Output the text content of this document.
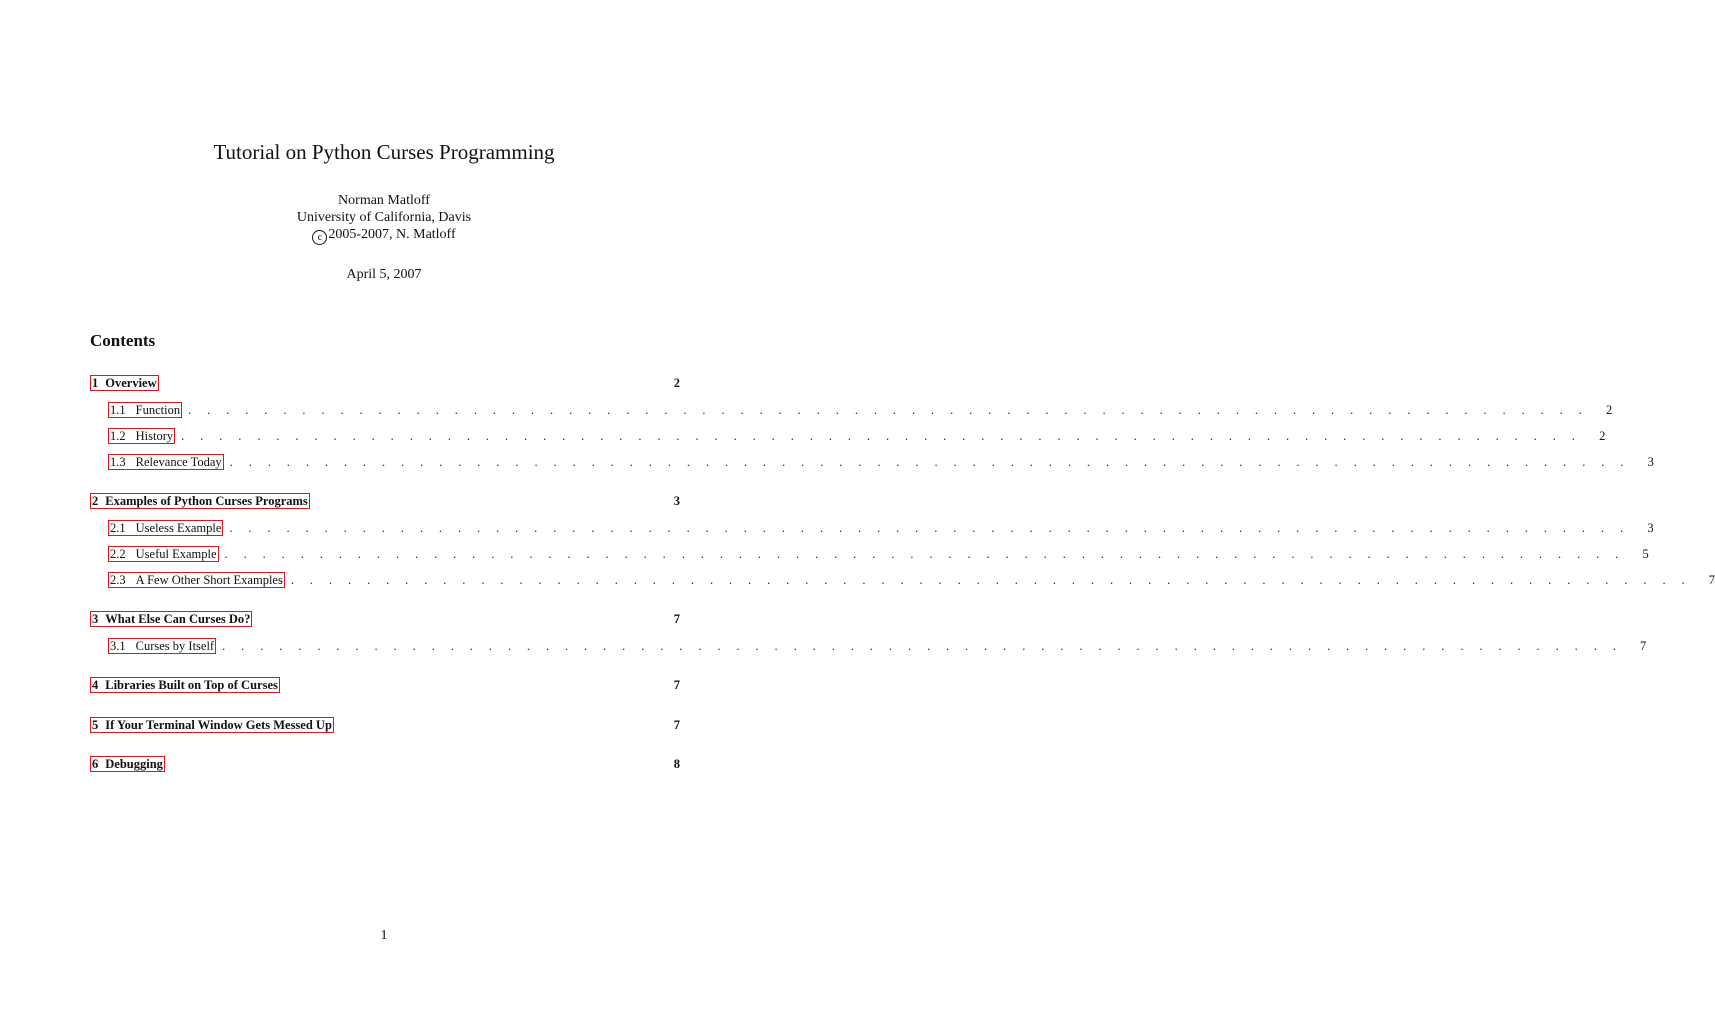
Tutorial on Python Curses Programming
Norman Matloff
University of California, Davis
c 2005-2007, N. Matloff
April 5, 2007
Contents
1 Overview	2
1.1 Function . . . . . . . . . . . . . . . . . . . . . . . . . . . . . . . . . . . . . . . . . . . . . . . . . . . . . . . . . . . . . . . . . . . . . . . . . .	2
1.2 History . . . . . . . . . . . . . . . . . . . . . . . . . . . . . . . . . . . . . . . . . . . . . . . . . . . . . . . . . . . . . . . . . . . . . . . . . .	2
1.3 Relevance Today . . . . . . . . . . . . . . . . . . . . . . . . . . . . . . . . . . . . . . . . . . . . . . . . . . . . . . . . . . . . . . . . . . . . . . . . . .	3
2 Examples of Python Curses Programs	3
2.1 Useless Example . . . . . . . . . . . . . . . . . . . . . . . . . . . . . . . . . . . . . . . . . . . . . . . . . . . . . . . . . . . . . . . . . . . . . . . . . .	3
2.2 Useful Example . . . . . . . . . . . . . . . . . . . . . . . . . . . . . . . . . . . . . . . . . . . . . . . . . . . . . . . . . . . . . . . . . . . . . . . . . .	5
2.3 A Few Other Short Examples . . . . . . . . . . . . . . . . . . . . . . . . . . . . . . . . . . . . . . . . . . . . . . . . . . . . . . . . . . . . . . . . . . . . . . . . . .	7
3 What Else Can Curses Do?	7
3.1 Curses by Itself . . . . . . . . . . . . . . . . . . . . . . . . . . . . . . . . . . . . . . . . . . . . . . . . . . . . . . . . . . . . . . . . . . . . . . . . . .	7
4 Libraries Built on Top of Curses	7
5 If Your Terminal Window Gets Messed Up	7
6 Debugging	8
1
